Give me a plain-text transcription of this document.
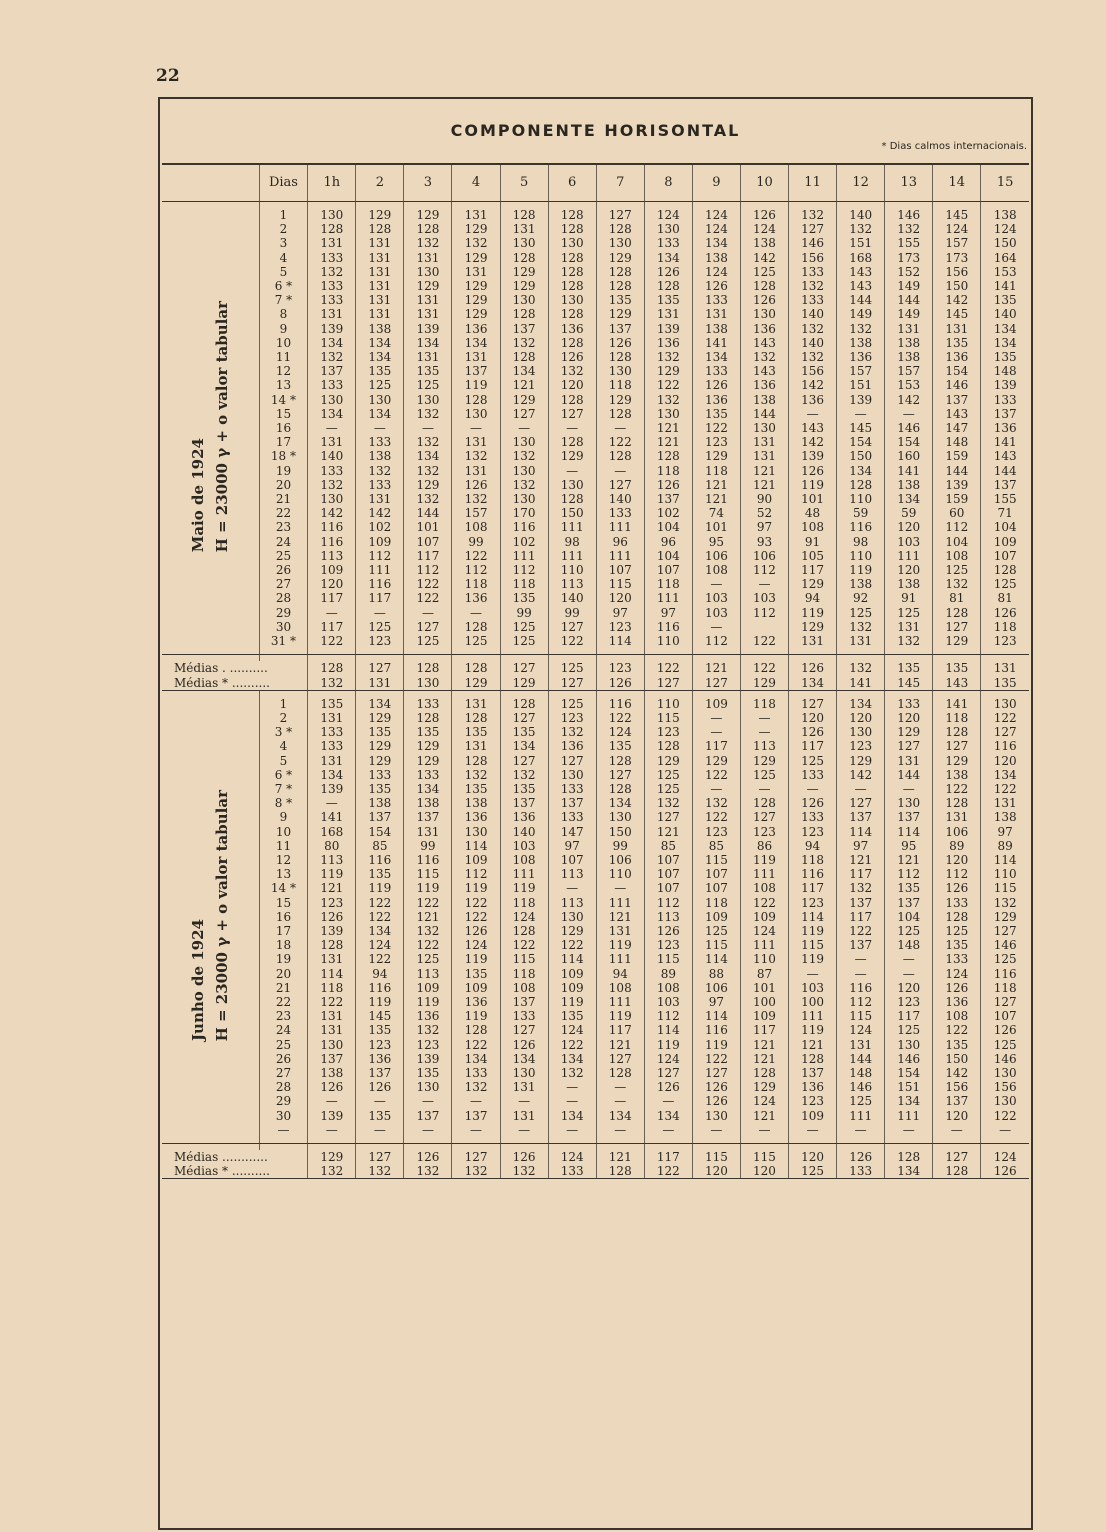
22
COMPONENTE HORISONTAL
* Dias calmos internacionais.
	Dias	1h	2	3	4	5	6	7	8	9	10	11	12	13	14	15

Maio de 1924 H = 23000 γ + o valor tabular	1	130	129	129	131	128	128	127	124	124	126	132	140	146	145	138
	2	128	128	128	129	131	128	128	130	124	124	127	132	132	124	124
	3	131	131	132	132	130	130	130	133	134	138	146	151	155	157	150
	4	133	131	131	129	128	128	129	134	138	142	156	168	173	173	164
	5	132	131	130	131	129	128	128	126	124	125	133	143	152	156	153
	6 *	133	131	129	129	129	128	128	128	126	128	132	143	149	150	141
	7 *	133	131	131	129	130	130	135	135	133	126	133	144	144	142	135
	8	131	131	131	129	128	128	129	131	131	130	140	149	149	145	140
	9	139	138	139	136	137	136	137	139	138	136	132	132	131	131	134
	10	134	134	134	134	132	128	126	136	141	143	140	138	138	135	134
	11	132	134	131	131	128	126	128	132	134	132	132	136	138	136	135
	12	137	135	135	137	134	132	130	129	133	143	156	157	157	154	148
	13	133	125	125	119	121	120	118	122	126	136	142	151	153	146	139
	14 *	130	130	130	128	129	128	129	132	136	138	136	139	142	137	133
	15	134	134	132	130	127	127	128	130	135	144	—	—	—	143	137
	16	—	—	—	—	—	—	—	121	122	130	143	145	146	147	136
	17	131	133	132	131	130	128	122	121	123	131	142	154	154	148	141
	18 *	140	138	134	132	132	129	128	128	129	131	139	150	160	159	143
	19	133	132	132	131	130	—	—	118	118	121	126	134	141	144	144
	20	132	133	129	126	132	130	127	126	121	121	119	128	138	139	137
	21	130	131	132	132	130	128	140	137	121	90	101	110	134	159	155
	22	142	142	144	157	170	150	133	102	74	52	48	59	59	60	71
	23	116	102	101	108	116	111	111	104	101	97	108	116	120	112	104
	24	116	109	107	99	102	98	96	96	95	93	91	98	103	104	109
	25	113	112	117	122	111	111	111	104	106	106	105	110	111	108	107
	26	109	111	112	112	112	110	107	107	108	112	117	119	120	125	128
	27	120	116	122	118	118	113	115	118	—	—	129	138	138	132	125
	28	117	117	122	136	135	140	120	111	103	103	94	92	91	81	81
	29	—	—	—	—	99	99	97	97	103	112	119	125	125	128	126
	30	117	125	127	128	125	127	123	116	—		129	132	131	127	118
	31 *	122	123	125	125	125	122	114	110	112	122	131	131	132	129	123

Médias . ..........		128	127	128	128	127	125	123	122	121	122	126	132	135	135	131
Médias * ..........		132	131	130	129	129	127	126	127	127	129	134	141	145	143	135

Junho de 1924 H = 23000 γ + o valor tabular	1	135	134	133	131	128	125	116	110	109	118	127	134	133	141	130
	2	131	129	128	128	127	123	122	115	—	—	120	120	120	118	122
	3 *	133	135	135	135	135	132	124	123	—	—	126	130	129	128	127
	4	133	129	129	131	134	136	135	128	117	113	117	123	127	127	116
	5	131	129	129	128	127	127	128	129	129	129	125	129	131	129	120
	6 *	134	133	133	132	132	130	127	125	122	125	133	142	144	138	134
	7 *	139	135	134	135	135	133	128	125	—	—	—	—	—	122	122
	8 *	—	138	138	138	137	137	134	132	132	128	126	127	130	128	131
	9	141	137	137	136	136	133	130	127	122	127	133	137	137	131	138
	10	168	154	131	130	140	147	150	121	123	123	123	114	114	106	97
	11	80	85	99	114	103	97	99	85	85	86	94	97	95	89	89
	12	113	116	116	109	108	107	106	107	115	119	118	121	121	120	114
	13	119	135	115	112	111	113	110	107	107	111	116	117	112	112	110
	14 *	121	119	119	119	119	—	—	107	107	108	117	132	135	126	115
	15	123	122	122	122	118	113	111	112	118	122	123	137	137	133	132
	16	126	122	121	122	124	130	121	113	109	109	114	117	104	128	129
	17	139	134	132	126	128	129	131	126	125	124	119	122	125	125	127
	18	128	124	122	124	122	122	119	123	115	111	115	137	148	135	146
	19	131	122	125	119	115	114	111	115	114	110	119	—	—	133	125
	20	114	94	113	135	118	109	94	89	88	87	—	—	—	124	116
	21	118	116	109	109	108	109	108	108	106	101	103	116	120	126	118
	22	122	119	119	136	137	119	111	103	97	100	100	112	123	136	127
	23	131	145	136	119	133	135	119	112	114	109	111	115	117	108	107
	24	131	135	132	128	127	124	117	114	116	117	119	124	125	122	126
	25	130	123	123	122	126	122	121	119	119	121	121	131	130	135	125
	26	137	136	139	134	134	134	127	124	122	121	128	144	146	150	146
	27	138	137	135	133	130	132	128	127	127	128	137	148	154	142	130
	28	126	126	130	132	131	—	—	126	126	129	136	146	151	156	156
	29	—	—	—	—	—	—	—	—	126	124	123	125	134	137	130
	30	139	135	137	137	131	134	134	134	130	121	109	111	111	120	122
	—	—	—	—	—	—	—	—	—	—	—	—	—	—	—	—

Médias ............		129	127	126	127	126	124	121	117	115	115	120	126	128	127	124
Médias * ..........		132	132	132	132	132	133	128	122	120	120	125	133	134	128	126
